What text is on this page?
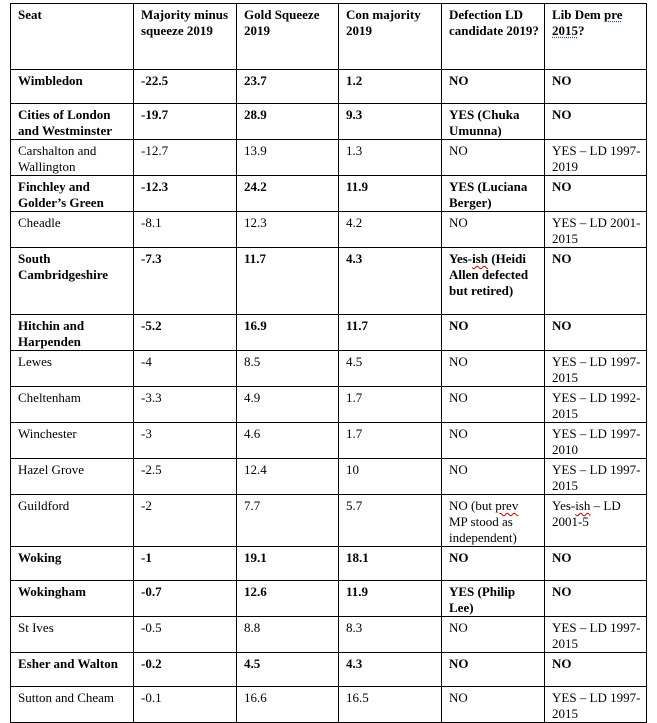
Seat	Majority minus squeeze 2019	Gold Squeeze 2019	Con majority 2019	Defection LD candidate 2019?	Lib Dem pre 2015?
Wimbledon	-22.5	23.7	1.2	NO	NO
Cities of London and Westminster	-19.7	28.9	9.3	YES (Chuka Umunna)	NO
Carshalton and Wallington	-12.7	13.9	1.3	NO	YES – LD 1997-2019
Finchley and Golder’s Green	-12.3	24.2	11.9	YES (Luciana Berger)	NO
Cheadle	-8.1	12.3	4.2	NO	YES – LD 2001-2015
South Cambridgeshire	-7.3	11.7	4.3	Yes-ish (Heidi Allen defected but retired)	NO
Hitchin and Harpenden	-5.2	16.9	11.7	NO	NO
Lewes	-4	8.5	4.5	NO	YES – LD 1997-2015
Cheltenham	-3.3	4.9	1.7	NO	YES – LD 1992-2015
Winchester	-3	4.6	1.7	NO	YES – LD 1997-2010
Hazel Grove	-2.5	12.4	10	NO	YES – LD 1997-2015
Guildford	-2	7.7	5.7	NO (but prev MP stood as independent)	Yes-ish – LD 2001-5
Woking	-1	19.1	18.1	NO	NO
Wokingham	-0.7	12.6	11.9	YES (Philip Lee)	NO
St Ives	-0.5	8.8	8.3	NO	YES – LD 1997-2015
Esher and Walton	-0.2	4.5	4.3	NO	NO
Sutton and Cheam	-0.1	16.6	16.5	NO	YES – LD 1997-2015
